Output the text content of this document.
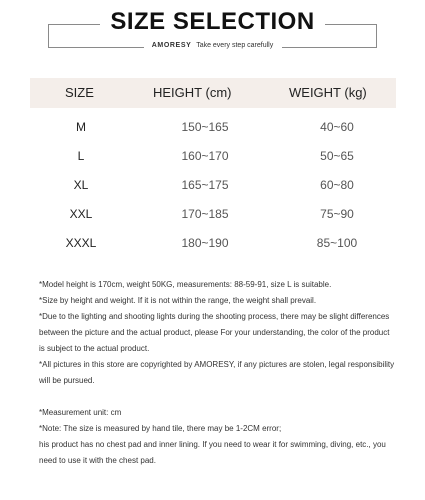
SIZE SELECTION
AMORESY Take every step carefully
SIZE	HEIGHT (cm)	WEIGHT (kg)
M	150~165	40~60
L	160~170	50~65
XL	165~175	60~80
XXL	170~185	75~90
XXXL	180~190	85~100

*Model height is 170cm, weight 50KG, measurements: 88-59-91, size L is suitable.

*Size by height and weight. If it is not within the range, the weight shall prevail.

*Due to the lighting and shooting lights during the shooting process, there may be slight differences

between the picture and the actual product, please For your understanding, the color of the product

is subject to the actual product.

*All pictures in this store are copyrighted by AMORESY, if any pictures are stolen, legal responsibility

will be pursued.

*Measurement unit: cm

*Note: The size is measured by hand tile, there may be 1-2CM error;

his product has no chest pad and inner lining. If you need to wear it for swimming, diving, etc., you

need to use it with the chest pad.
